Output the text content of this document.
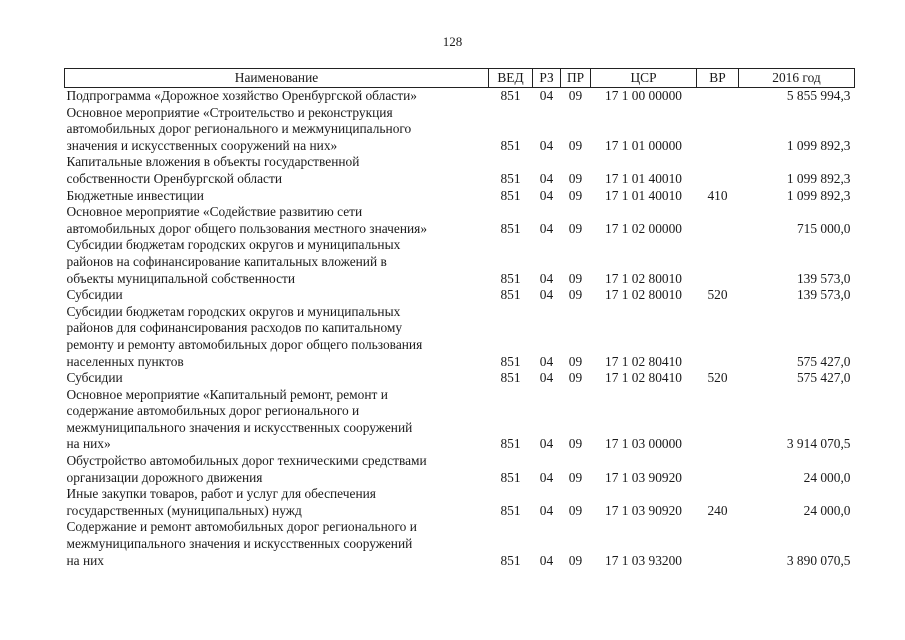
128
Наименование	ВЕД	РЗ	ПР	ЦСР	ВР	2016 год

Подпрограмма «Дорожное хозяйство Оренбургской области»	851	04	09	17 1 00 00000		5 855 994,3

Основное мероприятие «Строительство и реконструкция
автомобильных дорог регионального и межмуниципального
значения и искусственных сооружений на них»	851	04	09	17 1 01 00000		1 099 892,3

Капитальные вложения в объекты государственной
собственности Оренбургской области	851	04	09	17 1 01 40010		1 099 892,3

Бюджетные инвестиции	851	04	09	17 1 01 40010	410	1 099 892,3

Основное мероприятие «Содействие развитию сети
автомобильных дорог общего пользования местного значения»	851	04	09	17 1 02 00000		715 000,0

Субсидии бюджетам городских округов и муниципальных
районов на софинансирование капитальных вложений в
объекты муниципальной собственности	851	04	09	17 1 02 80010		139 573,0

Субсидии	851	04	09	17 1 02 80010	520	139 573,0

Субсидии бюджетам городских округов и муниципальных
районов для софинансирования расходов по капитальному
ремонту и ремонту автомобильных дорог общего пользования
населенных пунктов	851	04	09	17 1 02 80410		575 427,0

Субсидии	851	04	09	17 1 02 80410	520	575 427,0

Основное мероприятие «Капитальный ремонт, ремонт и
содержание автомобильных дорог регионального и
межмуниципального значения и искусственных сооружений
на них»	851	04	09	17 1 03 00000		3 914 070,5

Обустройство автомобильных дорог техническими средствами
организации дорожного движения	851	04	09	17 1 03 90920		24 000,0

Иные закупки товаров, работ и услуг для обеспечения
государственных (муниципальных) нужд	851	04	09	17 1 03 90920	240	24 000,0

Содержание и ремонт автомобильных дорог регионального и
межмуниципального значения и искусственных сооружений
на них	851	04	09	17 1 03 93200		3 890 070,5
